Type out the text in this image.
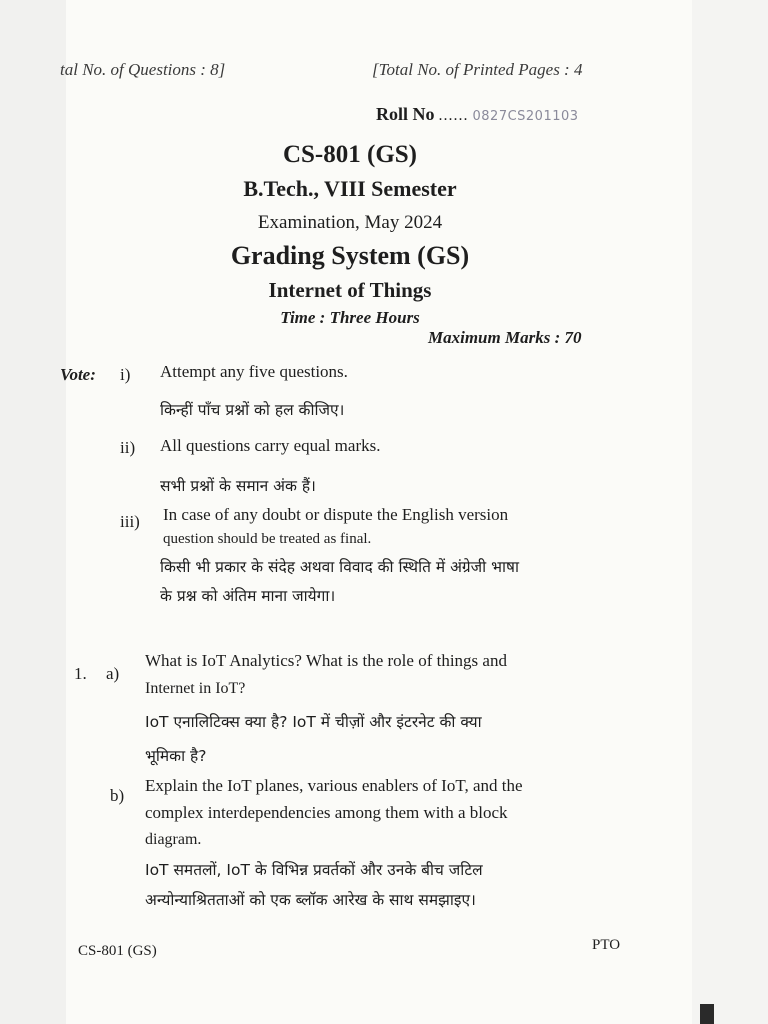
tal No. of Questions : 8]	[Total No. of Printed Pages : 4
Roll No ...... 0827CS201103
CS-801 (GS)
B.Tech., VIII Semester
Examination, May 2024
Grading System (GS)
Internet of Things
Time : Three Hours
Maximum Marks : 70
Vote: i) Attempt any five questions.
किन्हीं पाँच प्रश्नों को हल कीजिए।
ii) All questions carry equal marks.
सभी प्रश्नों के समान अंक हैं।
iii) In case of any doubt or dispute the English version
question should be treated as final.
किसी भी प्रकार के संदेह अथवा विवाद की स्थिति में अंग्रेजी भाषा
के प्रश्न को अंतिम माना जायेगा।
1. a)
What is IoT Analytics? What is the role of things and
Internet in IoT?
IoT एनालिटिक्स क्या है? IoT में चीज़ों और इंटरनेट की क्या
भूमिका है?
b)
Explain the IoT planes, various enablers of IoT, and the
complex interdependencies among them with a block
diagram.
IoT समतलों, IoT के विभिन्न प्रवर्तकों और उनके बीच जटिल
अन्योन्याश्रितताओं को एक ब्लॉक आरेख के साथ समझाइए।
CS-801 (GS)	PTO
